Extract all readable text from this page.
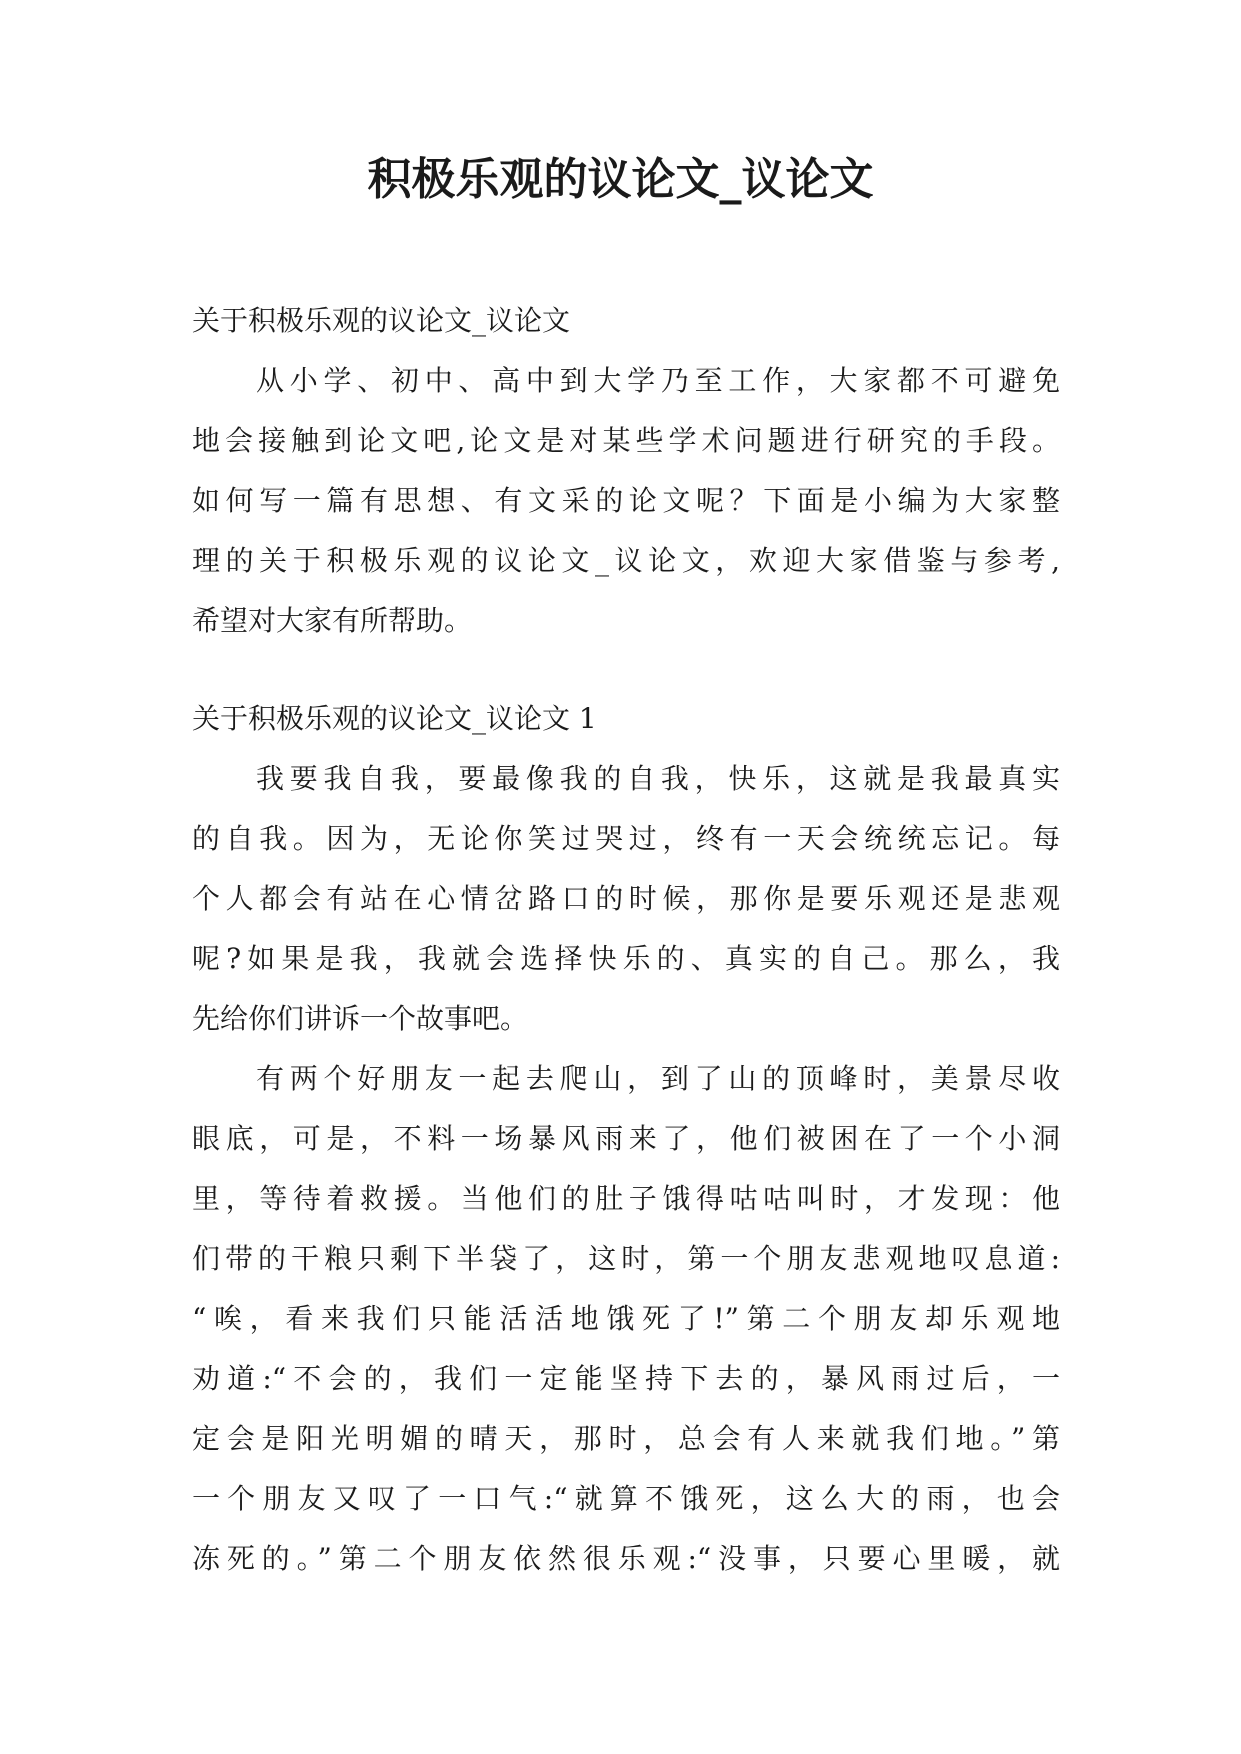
积极乐观的议论文_议论文
关于积极乐观的议论文_议论文
从小学、初中、高中到大学乃至工作，大家都不可避免
地会接触到论文吧,论文是对某些学术问题进行研究的手段。
如何写一篇有思想、有文采的论文呢？下面是小编为大家整
理的关于积极乐观的议论文_议论文，欢迎大家借鉴与参考,
希望对大家有所帮助。
关于积极乐观的议论文_议论文 1
我要我自我，要最像我的自我，快乐，这就是我最真实
的自我。因为，无论你笑过哭过，终有一天会统统忘记。每
个人都会有站在心情岔路口的时候，那你是要乐观还是悲观
呢?如果是我，我就会选择快乐的、真实的自己。那么，我
先给你们讲诉一个故事吧。
有两个好朋友一起去爬山，到了山的顶峰时，美景尽收
眼底，可是，不料一场暴风雨来了，他们被困在了一个小洞
里，等待着救援。当他们的肚子饿得咕咕叫时，才发现：他
们带的干粮只剩下半袋了，这时，第一个朋友悲观地叹息道:
“唉，看来我们只能活活地饿死了!”第二个朋友却乐观地
劝道:“不会的，我们一定能坚持下去的，暴风雨过后，一
定会是阳光明媚的晴天，那时，总会有人来就我们地。”第
一个朋友又叹了一口气:“就算不饿死，这么大的雨，也会
冻死的。”第二个朋友依然很乐观:“没事，只要心里暖，就
